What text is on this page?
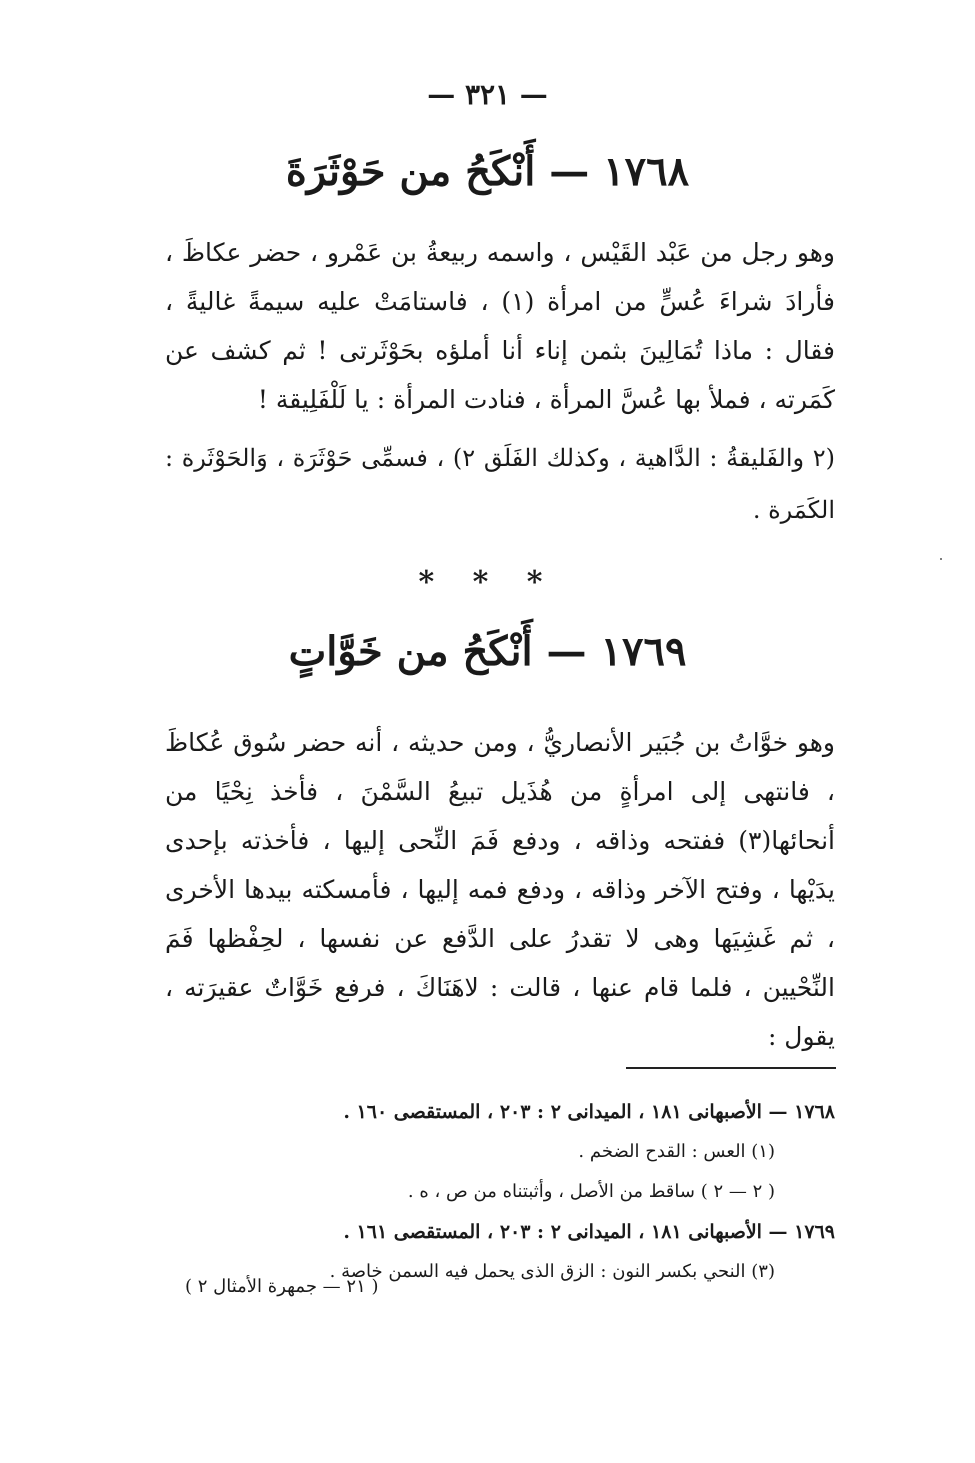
— ٣٢١ —
١٧٦٨ — أَنْكَحُ من حَوْثَرَةَ

وهو رجل من عَبْد القَيْس ، واسمه ربيعةُ بن عَمْرو ، حضر عكاظَ ، فأرادَ شراءَ عُسٍّ من امرأة (١) ، فاستامَتْ عليه سيمةً غاليةً ، فقال : ماذا تُمَالِينَ بثمن إناء أنا أملؤه بحَوْثَرتى ! ثم كشف عن كَمَرته ، فملأ بها عُسَّ المرأة ، فنادت المرأة : يا لَلْفَلِيقة !

(٢ والفَليقةُ : الدَّاهية ، وكذلك الفَلَق ٢) ، فسمِّى حَوْثَرَة ، وَالحَوْثَرة : الكَمَرة .

* * *
١٧٦٩ — أَنْكَحُ من خَوَّاتٍ

وهو خوَّاتُ بن جُبَير الأنصاريُّ ، ومن حديثه ، أنه حضر سُوق عُكاظَ ، فانتهى إلى امرأةٍ من هُذَيل تبيعُ السَّمْنَ ، فأخذ نِحْيًا من أنحائها(٣) ففتحه وذاقه ، ودفع فَمَ النِّحى إليها ، فأخذته بإحدى يدَيْها ، وفتح الآخر وذاقه ، ودفع فمه إليها ، فأمسكته بيدها الأخرى ، ثم غَشِيَها وهى لا تقدرُ على الدَّفع عن نفسها ، لحِفْظها فَمَ النِّحْيين ، فلما قام عنها ، قالت : لاهَنَاكَ ، فرفع خَوَّاتٌ عقيرَته ، يقول :

١٧٦٨ — الأصبهانى ١٨١ ، الميدانى ٢ : ٢٠٣ ، المستقصى ١٦٠ .
(١) العس : القدح الضخم .
( ٢ — ٢ ) ساقط من الأصل ، وأثبتناه من ص ، ه .
١٧٦٩ — الأصبهانى ١٨١ ، الميدانى ٢ : ٢٠٣ ، المستقصى ١٦١ .
(٣) النحي بكسر النون : الزق الذى يحمل فيه السمن خاصة .
( ٢١ — جمهرة الأمثال ٢ )
